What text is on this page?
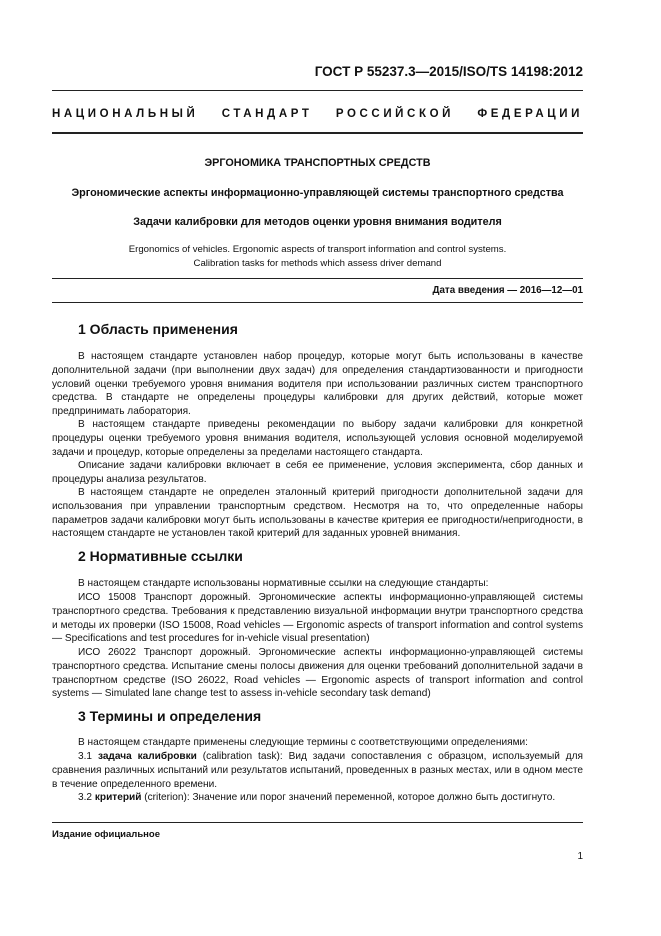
ГОСТ Р 55237.3—2015/ISO/TS 14198:2012
НАЦИОНАЛЬНЫЙ СТАНДАРТ РОССИЙСКОЙ ФЕДЕРАЦИИ
ЭРГОНОМИКА ТРАНСПОРТНЫХ СРЕДСТВ
Эргономические аспекты информационно-управляющей системы транспортного средства
Задачи калибровки для методов оценки уровня внимания водителя
Ergonomics of vehicles. Ergonomic aspects of transport information and control systems.
Calibration tasks for methods which assess driver demand
Дата введения — 2016—12—01
1 Область применения

В настоящем стандарте установлен набор процедур, которые могут быть использованы в качестве дополнительной задачи (при выполнении двух задач) для определения стандартизованности и пригодности условий оценки требуемого уровня внимания водителя при использовании различных систем транспортного средства. В стандарте не определены процедуры калибровки для других действий, которые может предпринимать лаборатория.

В настоящем стандарте приведены рекомендации по выбору задачи калибровки для конкретной процедуры оценки требуемого уровня внимания водителя, использующей условия основной моделируемой задачи и процедур, которые определены за пределами настоящего стандарта.

Описание задачи калибровки включает в себя ее применение, условия эксперимента, сбор данных и процедуры анализа результатов.

В настоящем стандарте не определен эталонный критерий пригодности дополнительной задачи для использования при управлении транспортным средством. Несмотря на то, что определенные наборы параметров задачи калибровки могут быть использованы в качестве критерия ее пригодности/непригодности, в настоящем стандарте не установлен такой критерий для заданных уровней внимания.

2 Нормативные ссылки

В настоящем стандарте использованы нормативные ссылки на следующие стандарты:

ИСО 15008 Транспорт дорожный. Эргономические аспекты информационно-управляющей системы транспортного средства. Требования к представлению визуальной информации внутри транспортного средства и методы их проверки (ISO 15008, Road vehicles — Ergonomic aspects of transport information and control systems — Specifications and test procedures for in-vehicle visual presentation)

ИСО 26022 Транспорт дорожный. Эргономические аспекты информационно-управляющей системы транспортного средства. Испытание смены полосы движения для оценки требований дополнительной задачи в транспортном средстве (ISO 26022, Road vehicles — Ergonomic aspects of transport information and control systems — Simulated lane change test to assess in-vehicle secondary task demand)

3 Термины и определения

В настоящем стандарте применены следующие термины с соответствующими определениями:

3.1 задача калибровки (calibration task): Вид задачи сопоставления с образцом, используемый для сравнения различных испытаний или результатов испытаний, проведенных в разных местах, или в одном месте в течение определенного времени.

3.2 критерий (criterion): Значение или порог значений переменной, которое должно быть достигнуто.

Издание официальное
1
